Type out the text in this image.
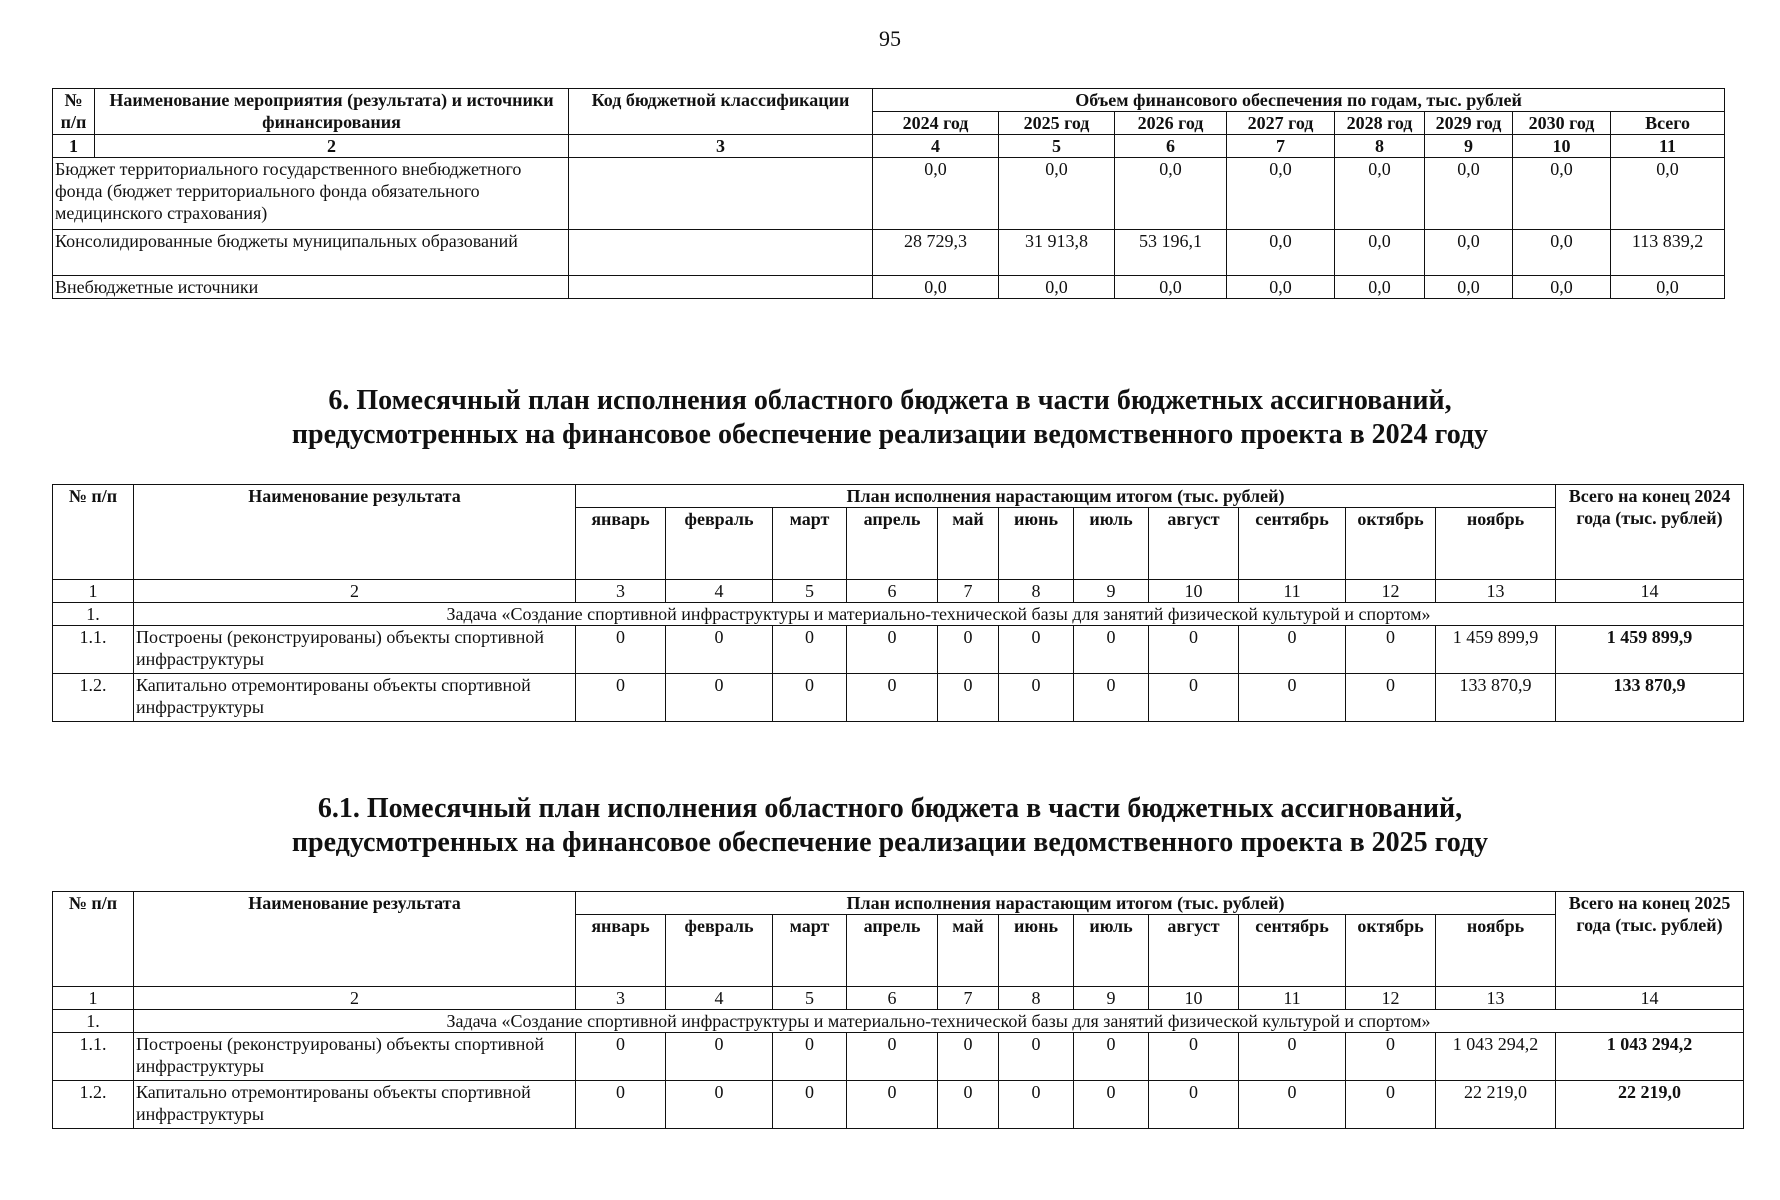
95
№ п/п	Наименование мероприятия (результата) и источники финансирования	Код бюджетной классификации	Объем финансового обеспечения по годам, тыс. рублей							
			2024 год	2025 год	2026 год	2027 год	2028 год	2029 год	2030 год	Всего
1	2	3	4	5	6	7	8	9	10	11
Бюджет территориального государственного внебюджетного фонда (бюджет территориального фонда обязательного медицинского страхования)			0,0	0,0	0,0	0,0	0,0	0,0	0,0	0,0
Консолидированные бюджеты муниципальных образований			28 729,3	31 913,8	53 196,1	0,0	0,0	0,0	0,0	113 839,2
Внебюджетные источники			0,0	0,0	0,0	0,0	0,0	0,0	0,0	0,0
6. Помесячный план исполнения областного бюджета в части бюджетных ассигнований,
предусмотренных на финансовое обеспечение реализации ведомственного проекта в 2024 году
№ п/п	Наименование результата	План исполнения нарастающим итогом (тыс. рублей)											Всего на конец 2024 года (тыс. рублей)
		январь	февраль	март	апрель	май	июнь	июль	август	сентябрь	октябрь	ноябрь	
1	2	3	4	5	6	7	8	9	10	11	12	13	14
1.	Задача «Создание спортивной инфраструктуры и материально-технической базы для занятий физической культурой и спортом»												
1.1.	Построены (реконструированы) объекты спортивной инфраструктуры	0	0	0	0	0	0	0	0	0	0	1 459 899,9	1 459 899,9
1.2.	Капитально отремонтированы объекты спортивной инфраструктуры	0	0	0	0	0	0	0	0	0	0	133 870,9	133 870,9
6.1. Помесячный план исполнения областного бюджета в части бюджетных ассигнований,
предусмотренных на финансовое обеспечение реализации ведомственного проекта в 2025 году
№ п/п	Наименование результата	План исполнения нарастающим итогом (тыс. рублей)											Всего на конец 2025 года (тыс. рублей)
		январь	февраль	март	апрель	май	июнь	июль	август	сентябрь	октябрь	ноябрь	
1	2	3	4	5	6	7	8	9	10	11	12	13	14
1.	Задача «Создание спортивной инфраструктуры и материально-технической базы для занятий физической культурой и спортом»												
1.1.	Построены (реконструированы) объекты спортивной инфраструктуры	0	0	0	0	0	0	0	0	0	0	1 043 294,2	1 043 294,2
1.2.	Капитально отремонтированы объекты спортивной инфраструктуры	0	0	0	0	0	0	0	0	0	0	22 219,0	22 219,0
